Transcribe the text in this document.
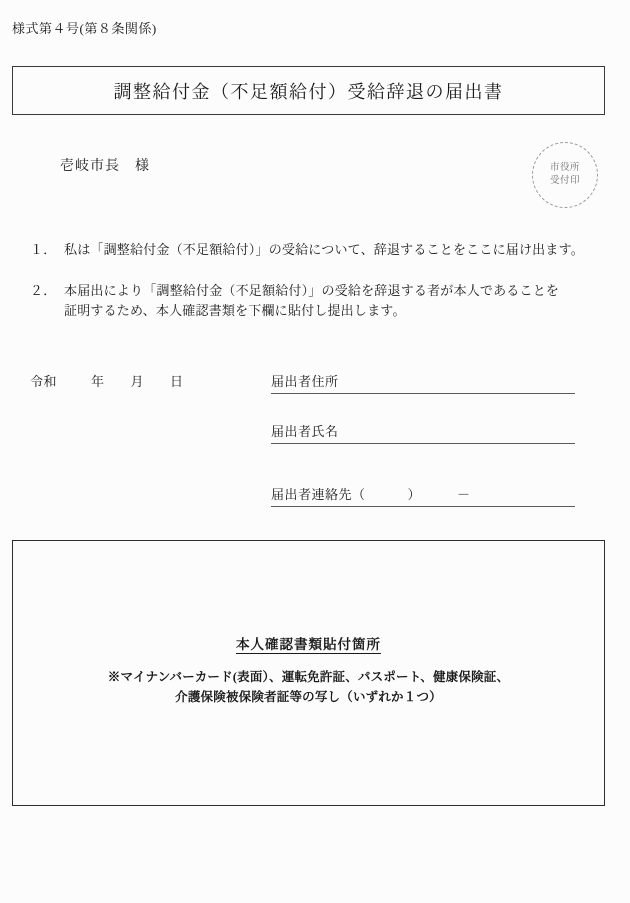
様式第４号(第８条関係)
調整給付金（不足額給付）受給辞退の届出書
壱岐市長　様	市役所
受付印
１． 私は「調整給付金（不足額給付）」の受給について、辞退することをここに届け出ます。

２． 本届出により「調整給付金（不足額給付）」の受給を辞退する者が本人であることを

証明するため、本人確認書類を下欄に貼付し提出します。

令和	年 月 日	届出者住所
届出者氏名
届出者連絡先（	）	－
本人確認書類貼付箇所

※マイナンバーカード(表面）、運転免許証、パスポート、健康保険証、

介護保険被保険者証等の写し（いずれか１つ）
